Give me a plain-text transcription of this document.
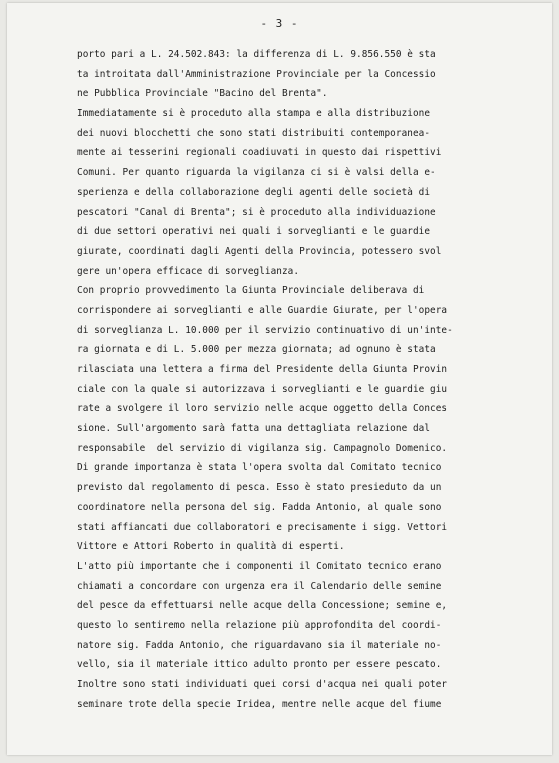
- 3 -
porto pari a L. 24.502.843: la differenza di L. 9.856.550 è sta
ta introitata dall'Amministrazione Provinciale per la Concessio
ne Pubblica Provinciale "Bacino del Brenta".
Immediatamente si è proceduto alla stampa e alla distribuzione
dei nuovi blocchetti che sono stati distribuiti contemporanea-
mente ai tesserini regionali coadiuvati in questo dai rispettivi
Comuni. Per quanto riguarda la vigilanza ci si è valsi della e-
sperienza e della collaborazione degli agenti delle società di
pescatori "Canal di Brenta"; si è proceduto alla individuazione
di due settori operativi nei quali i sorveglianti e le guardie
giurate, coordinati dagli Agenti della Provincia, potessero svol
gere un'opera efficace di sorveglianza.
Con proprio provvedimento la Giunta Provinciale deliberava di
corrispondere ai sorveglianti e alle Guardie Giurate, per l'opera
di sorveglianza L. 10.000 per il servizio continuativo di un'inte-
ra giornata e di L. 5.000 per mezza giornata; ad ognuno è stata
rilasciata una lettera a firma del Presidente della Giunta Provin
ciale con la quale si autorizzava i sorveglianti e le guardie giu
rate a svolgere il loro servizio nelle acque oggetto della Conces
sione. Sull'argomento sarà fatta una dettagliata relazione dal
responsabile  del servizio di vigilanza sig. Campagnolo Domenico.
Di grande importanza è stata l'opera svolta dal Comitato tecnico
previsto dal regolamento di pesca. Esso è stato presieduto da un
coordinatore nella persona del sig. Fadda Antonio, al quale sono
stati affiancati due collaboratori e precisamente i sigg. Vettori
Vittore e Attori Roberto in qualità di esperti.
L'atto più importante che i componenti il Comitato tecnico erano
chiamati a concordare con urgenza era il Calendario delle semine
del pesce da effettuarsi nelle acque della Concessione; semine e,
questo lo sentiremo nella relazione più approfondita del coordi-
natore sig. Fadda Antonio, che riguardavano sia il materiale no-
vello, sia il materiale ittico adulto pronto per essere pescato.
Inoltre sono stati individuati quei corsi d'acqua nei quali poter
seminare trote della specie Iridea, mentre nelle acque del fiume
